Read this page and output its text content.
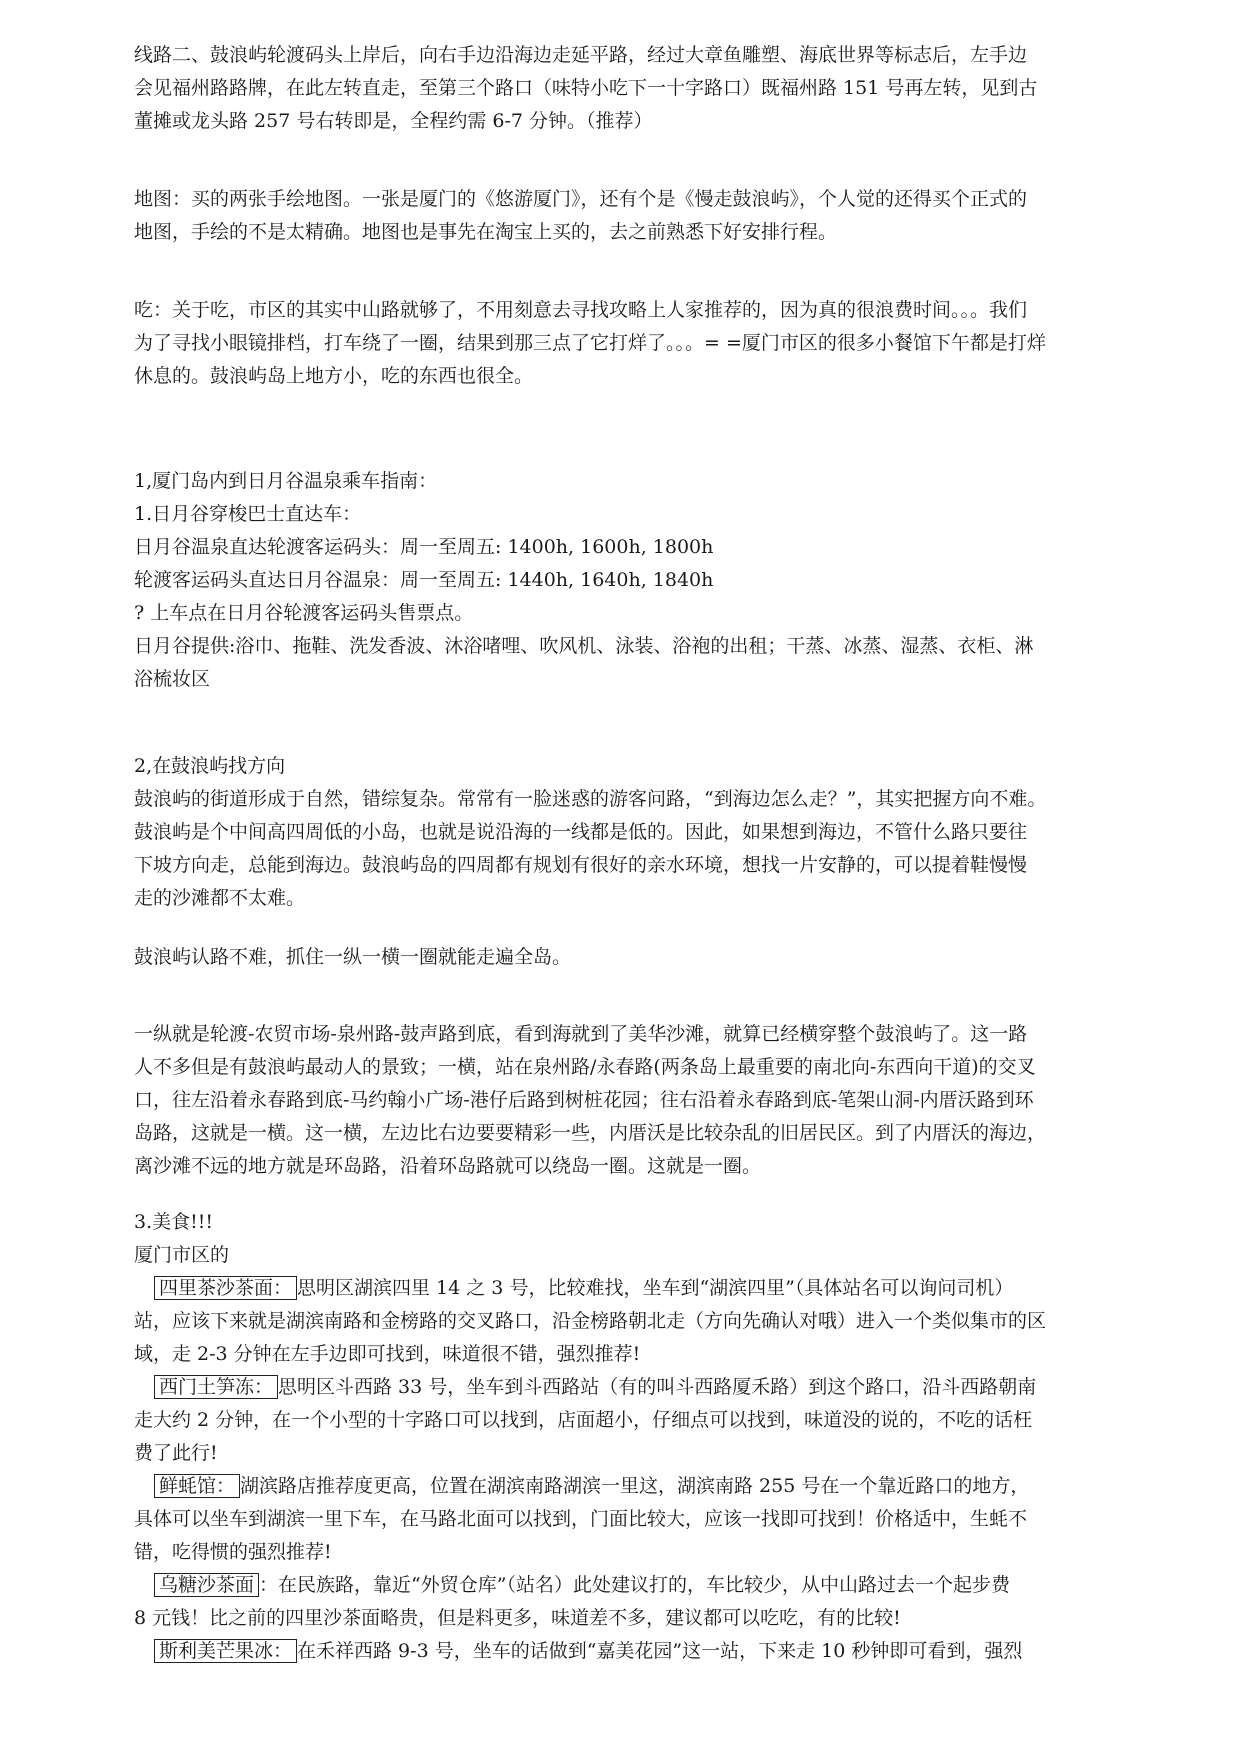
线路二、鼓浪屿轮渡码头上岸后，向右手边沿海边走延平路，经过大章鱼雕塑、海底世界等标志后，左手边
会见福州路路牌，在此左转直走，至第三个路口（味特小吃下一十字路口）既福州路 151 号再左转，见到古
董摊或龙头路 257 号右转即是，全程约需 6-7 分钟。（推荐）
地图：买的两张手绘地图。一张是厦门的《悠游厦门》，还有个是《慢走鼓浪屿》，个人觉的还得买个正式的
地图，手绘的不是太精确。地图也是事先在淘宝上买的，去之前熟悉下好安排行程。
吃：关于吃，市区的其实中山路就够了，不用刻意去寻找攻略上人家推荐的，因为真的很浪费时间。。。我们
为了寻找小眼镜排档，打车绕了一圈，结果到那三点了它打烊了。。。= =厦门市区的很多小餐馆下午都是打烊
休息的。鼓浪屿岛上地方小，吃的东西也很全。
1,厦门岛内到日月谷温泉乘车指南：
1.日月谷穿梭巴士直达车：
日月谷温泉直达轮渡客运码头：周一至周五: 1400h, 1600h, 1800h
轮渡客运码头直达日月谷温泉：周一至周五: 1440h, 1640h, 1840h
? 上车点在日月谷轮渡客运码头售票点。
日月谷提供:浴巾、拖鞋、洗发香波、沐浴啫哩、吹风机、泳装、浴袍的出租；干蒸、冰蒸、湿蒸、衣柜、淋
浴梳妆区
2,在鼓浪屿找方向
鼓浪屿的街道形成于自然，错综复杂。常常有一脸迷惑的游客问路，“到海边怎么走？”，其实把握方向不难。
鼓浪屿是个中间高四周低的小岛，也就是说沿海的一线都是低的。因此，如果想到海边，不管什么路只要往
下坡方向走，总能到海边。鼓浪屿岛的四周都有规划有很好的亲水环境，想找一片安静的，可以提着鞋慢慢
走的沙滩都不太难。
鼓浪屿认路不难，抓住一纵一横一圈就能走遍全岛。
一纵就是轮渡-农贸市场-泉州路-鼓声路到底，看到海就到了美华沙滩，就算已经横穿整个鼓浪屿了。这一路
人不多但是有鼓浪屿最动人的景致；一横，站在泉州路/永春路(两条岛上最重要的南北向-东西向干道)的交叉
口，往左沿着永春路到底-马约翰小广场-港仔后路到树桩花园；往右沿着永春路到底-笔架山洞-内厝沃路到环
岛路，这就是一横。这一横，左边比右边要要精彩一些，内厝沃是比较杂乱的旧居民区。到了内厝沃的海边，
离沙滩不远的地方就是环岛路，沿着环岛路就可以绕岛一圈。这就是一圈。
3.美食!!!
厦门市区的
四里茶沙茶面： 思明区湖滨四里 14 之 3 号，比较难找，坐车到“湖滨四里”（具体站名可以询问司机）
站，应该下来就是湖滨南路和金榜路的交叉路口，沿金榜路朝北走（方向先确认对哦）进入一个类似集市的区
域，走 2-3 分钟在左手边即可找到，味道很不错，强烈推荐!
西门土笋冻： 思明区斗西路 33 号，坐车到斗西路站（有的叫斗西路厦禾路）到这个路口，沿斗西路朝南
走大约 2 分钟，在一个小型的十字路口可以找到，店面超小，仔细点可以找到，味道没的说的，不吃的话枉
费了此行!
鲜蚝馆： 湖滨路店推荐度更高，位置在湖滨南路湖滨一里这，湖滨南路 255 号在一个靠近路口的地方，
具体可以坐车到湖滨一里下车，在马路北面可以找到，门面比较大，应该一找即可找到！价格适中，生蚝不
错，吃得惯的强烈推荐!
乌糖沙茶面 ：在民族路，靠近“外贸仓库”（站名）此处建议打的，车比较少，从中山路过去一个起步费
8 元钱！比之前的四里沙茶面略贵，但是料更多，味道差不多，建议都可以吃吃，有的比较!
斯利美芒果冰： 在禾祥西路 9-3 号，坐车的话做到“嘉美花园”这一站，下来走 10 秒钟即可看到，强烈
